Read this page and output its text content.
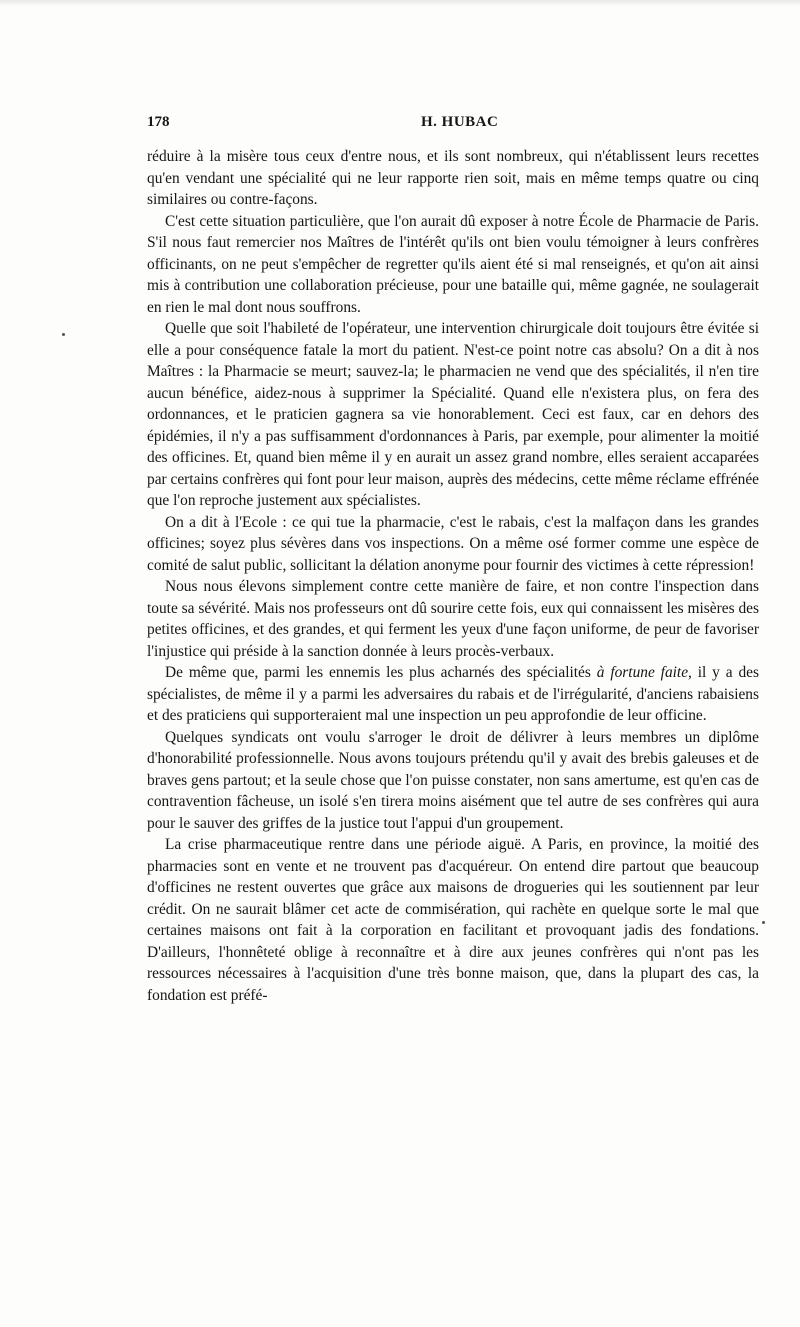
178	H. HUBAC

réduire à la misère tous ceux d'entre nous, et ils sont nombreux, qui n'établissent leurs recettes qu'en vendant une spécialité qui ne leur rapporte rien soit, mais en même temps quatre ou cinq similaires ou contre-façons.

C'est cette situation particulière, que l'on aurait dû exposer à notre École de Pharmacie de Paris. S'il nous faut remercier nos Maîtres de l'intérêt qu'ils ont bien voulu témoigner à leurs confrères officinants, on ne peut s'empêcher de regretter qu'ils aient été si mal renseignés, et qu'on ait ainsi mis à contribution une collaboration précieuse, pour une bataille qui, même gagnée, ne soulagerait en rien le mal dont nous souffrons.

Quelle que soit l'habileté de l'opérateur, une intervention chirurgicale doit toujours être évitée si elle a pour conséquence fatale la mort du patient. N'est-ce point notre cas absolu? On a dit à nos Maîtres : la Pharmacie se meurt; sauvez-la; le pharmacien ne vend que des spécialités, il n'en tire aucun bénéfice, aidez-nous à supprimer la Spécialité. Quand elle n'existera plus, on fera des ordonnances, et le praticien gagnera sa vie honorablement. Ceci est faux, car en dehors des épidémies, il n'y a pas suffisamment d'ordonnances à Paris, par exemple, pour alimenter la moitié des officines. Et, quand bien même il y en aurait un assez grand nombre, elles seraient accaparées par certains confrères qui font pour leur maison, auprès des médecins, cette même réclame effrénée que l'on reproche justement aux spécialistes.

On a dit à l'Ecole : ce qui tue la pharmacie, c'est le rabais, c'est la malfaçon dans les grandes officines; soyez plus sévères dans vos inspections. On a même osé former comme une espèce de comité de salut public, sollicitant la délation anonyme pour fournir des victimes à cette répression!

Nous nous élevons simplement contre cette manière de faire, et non contre l'inspection dans toute sa sévérité. Mais nos professeurs ont dû sourire cette fois, eux qui connaissent les misères des petites officines, et des grandes, et qui ferment les yeux d'une façon uniforme, de peur de favoriser l'injustice qui préside à la sanction donnée à leurs procès-verbaux.

De même que, parmi les ennemis les plus acharnés des spécialités à fortune faite, il y a des spécialistes, de même il y a parmi les adversaires du rabais et de l'irrégularité, d'anciens rabaisiens et des praticiens qui supporteraient mal une inspection un peu approfondie de leur officine.

Quelques syndicats ont voulu s'arroger le droit de délivrer à leurs membres un diplôme d'honorabilité professionnelle. Nous avons toujours prétendu qu'il y avait des brebis galeuses et de braves gens partout; et la seule chose que l'on puisse constater, non sans amertume, est qu'en cas de contravention fâcheuse, un isolé s'en tirera moins aisément que tel autre de ses confrères qui aura pour le sauver des griffes de la justice tout l'appui d'un groupement.

La crise pharmaceutique rentre dans une période aiguë. A Paris, en province, la moitié des pharmacies sont en vente et ne trouvent pas d'acquéreur. On entend dire partout que beaucoup d'officines ne restent ouvertes que grâce aux maisons de drogueries qui les soutiennent par leur crédit. On ne saurait blâmer cet acte de commisération, qui rachète en quelque sorte le mal que certaines maisons ont fait à la corporation en facilitant et provoquant jadis des fondations. D'ailleurs, l'honnêteté oblige à reconnaître et à dire aux jeunes confrères qui n'ont pas les ressources nécessaires à l'acquisition d'une très bonne maison, que, dans la plupart des cas, la fondation est préfé-
